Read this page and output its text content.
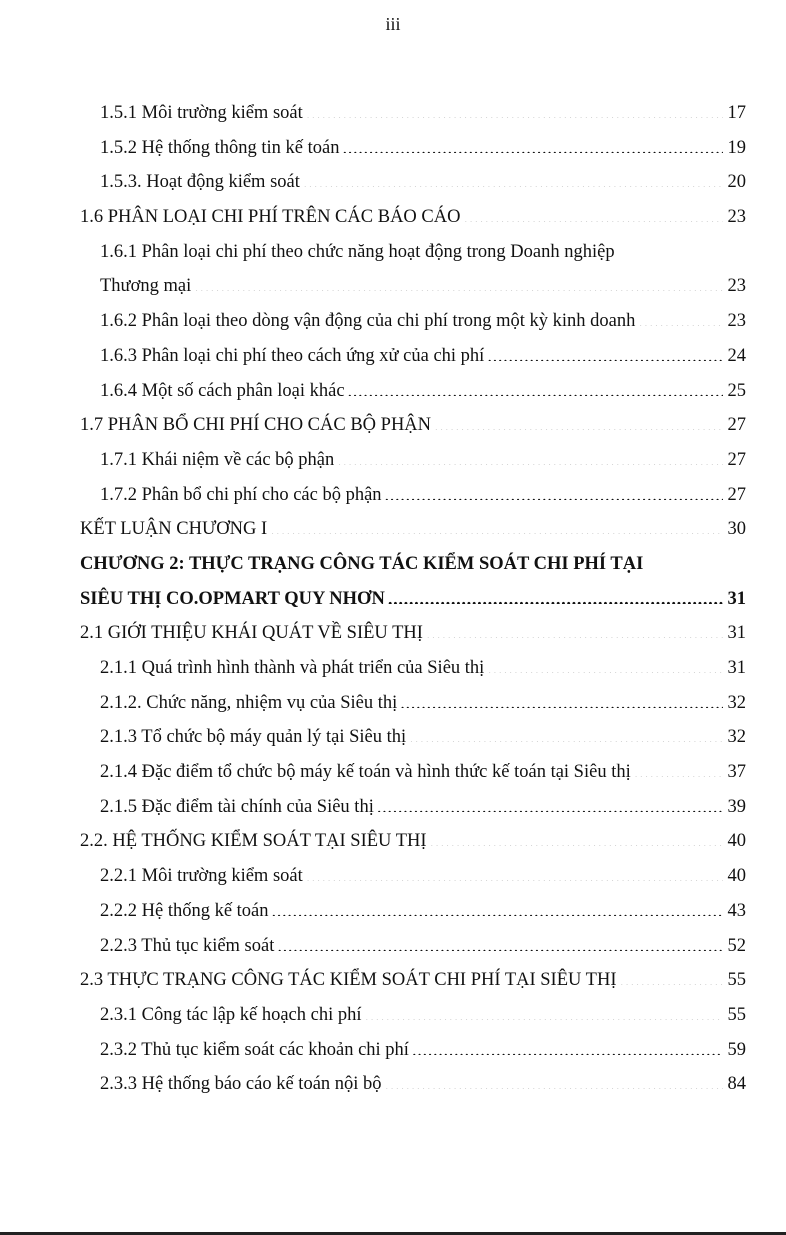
iii
1.5.1 Môi trường kiểm soát . . .	17
1.5.2 Hệ thống thông tin kế toán . . .	19
1.5.3. Hoạt động kiểm soát . . .	20
1.6 PHÂN LOẠI CHI PHÍ TRÊN CÁC BÁO CÁO . . .	23
1.6.1 Phân loại chi phí theo chức năng hoạt động trong Doanh nghiệp
Thương mại . . .	23
1.6.2 Phân loại theo dòng vận động của chi phí trong một kỳ kinh doanh . . .	23
1.6.3 Phân loại chi phí theo cách ứng xử của chi phí . . .	24
1.6.4 Một số cách phân loại khác . . .	25
1.7 PHÂN BỔ CHI PHÍ CHO CÁC BỘ PHẬN . . .	27
1.7.1 Khái niệm về các bộ phận . . .	27
1.7.2 Phân bổ chi phí cho các bộ phận . . .	27
KẾT LUẬN CHƯƠNG I . . .	30
CHƯƠNG 2: THỰC TRẠNG CÔNG TÁC KIỂM SOÁT CHI PHÍ TẠI
SIÊU THỊ CO.OPMART QUY NHƠN . . .	31
2.1 GIỚI THIỆU KHÁI QUÁT VỀ SIÊU THỊ . . .	31
2.1.1 Quá trình hình thành và phát triển của Siêu thị . . .	31
2.1.2. Chức năng, nhiệm vụ của Siêu thị . . .	32
2.1.3 Tổ chức bộ máy quản lý tại Siêu thị . . .	32
2.1.4 Đặc điểm tổ chức bộ máy kế toán và hình thức kế toán tại Siêu thị . . .	37
2.1.5 Đặc điểm tài chính của Siêu thị . . .	39
2.2. HỆ THỐNG KIỂM SOÁT TẠI SIÊU THỊ . . .	40
2.2.1 Môi trường kiểm soát . . .	40
2.2.2 Hệ thống kế toán . . .	43
2.2.3 Thủ tục kiểm soát . . .	52
2.3 THỰC TRẠNG CÔNG TÁC KIỂM SOÁT CHI PHÍ TẠI SIÊU THỊ . . .	55
2.3.1 Công tác lập kế hoạch chi phí . . .	55
2.3.2 Thủ tục kiểm soát các khoản chi phí . . .	59
2.3.3 Hệ thống báo cáo kế toán nội bộ . . .	84
